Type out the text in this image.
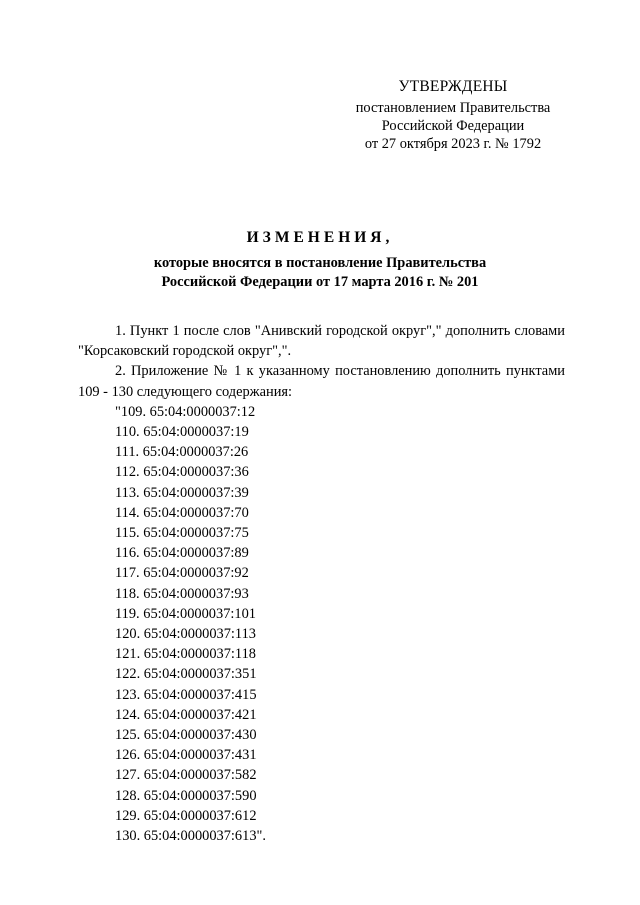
УТВЕРЖДЕНЫ
постановлением Правительства
Российской Федерации
от 27 октября 2023 г. № 1792
ИЗМЕНЕНИЯ,
которые вносятся в постановление Правительства
Российской Федерации от 17 марта 2016 г. № 201

1. Пункт 1 после слов "Анивский городской округ"," дополнить словами "Корсаковский городской округ",".

2. Приложение № 1 к указанному постановлению дополнить пунктами 109 - 130 следующего содержания:

"109. 65:04:0000037:12
110. 65:04:0000037:19
111. 65:04:0000037:26
112. 65:04:0000037:36
113. 65:04:0000037:39
114. 65:04:0000037:70
115. 65:04:0000037:75
116. 65:04:0000037:89
117. 65:04:0000037:92
118. 65:04:0000037:93
119. 65:04:0000037:101
120. 65:04:0000037:113
121. 65:04:0000037:118
122. 65:04:0000037:351
123. 65:04:0000037:415
124. 65:04:0000037:421
125. 65:04:0000037:430
126. 65:04:0000037:431
127. 65:04:0000037:582
128. 65:04:0000037:590
129. 65:04:0000037:612
130. 65:04:0000037:613".
